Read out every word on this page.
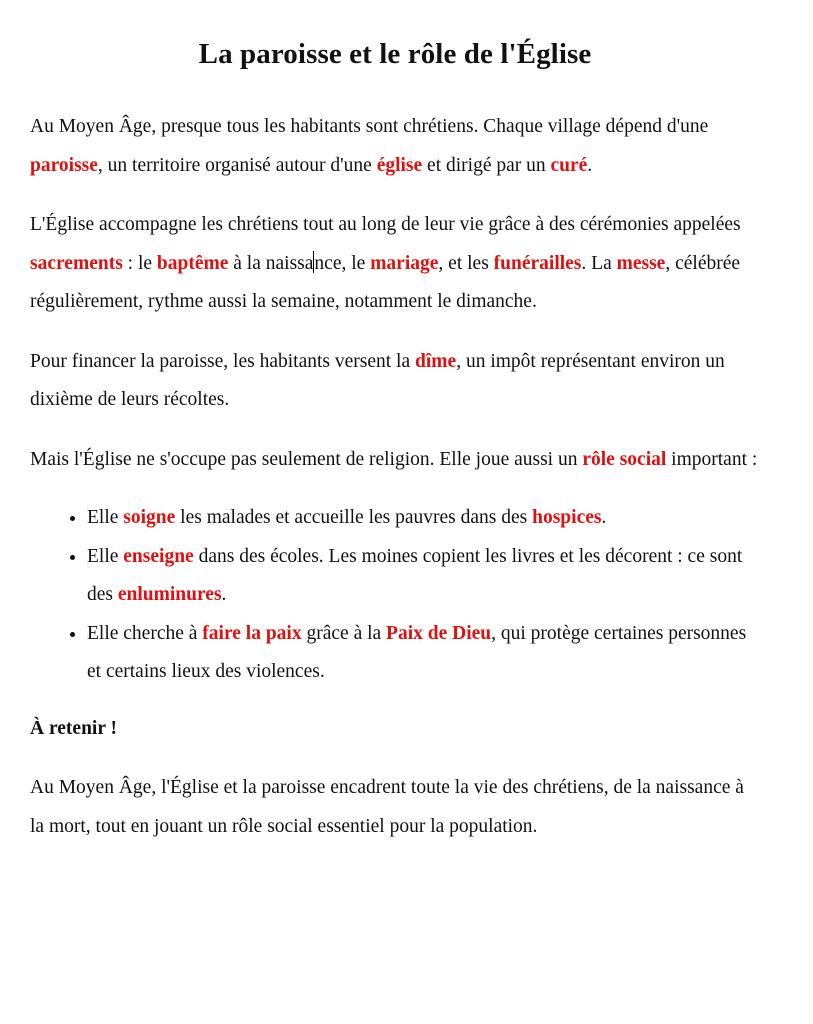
La paroisse et le rôle de l'Église

Au Moyen Âge, presque tous les habitants sont chrétiens. Chaque village dépend d'une paroisse, un territoire organisé autour d'une église et dirigé par un curé.

L'Église accompagne les chrétiens tout au long de leur vie grâce à des cérémonies appelées sacrements : le baptême à la naissance, le mariage, et les funérailles. La messe, célébrée régulièrement, rythme aussi la semaine, notamment le dimanche.

Pour financer la paroisse, les habitants versent la dîme, un impôt représentant environ un dixième de leurs récoltes.

Mais l'Église ne s'occupe pas seulement de religion. Elle joue aussi un rôle social important :

• Elle soigne les malades et accueille les pauvres dans des hospices.
• Elle enseigne dans des écoles. Les moines copient les livres et les décorent : ce sont des enluminures.
• Elle cherche à faire la paix grâce à la Paix de Dieu, qui protège certaines personnes et certains lieux des violences.
À retenir !

Au Moyen Âge, l'Église et la paroisse encadrent toute la vie des chrétiens, de la naissance à la mort, tout en jouant un rôle social essentiel pour la population.
